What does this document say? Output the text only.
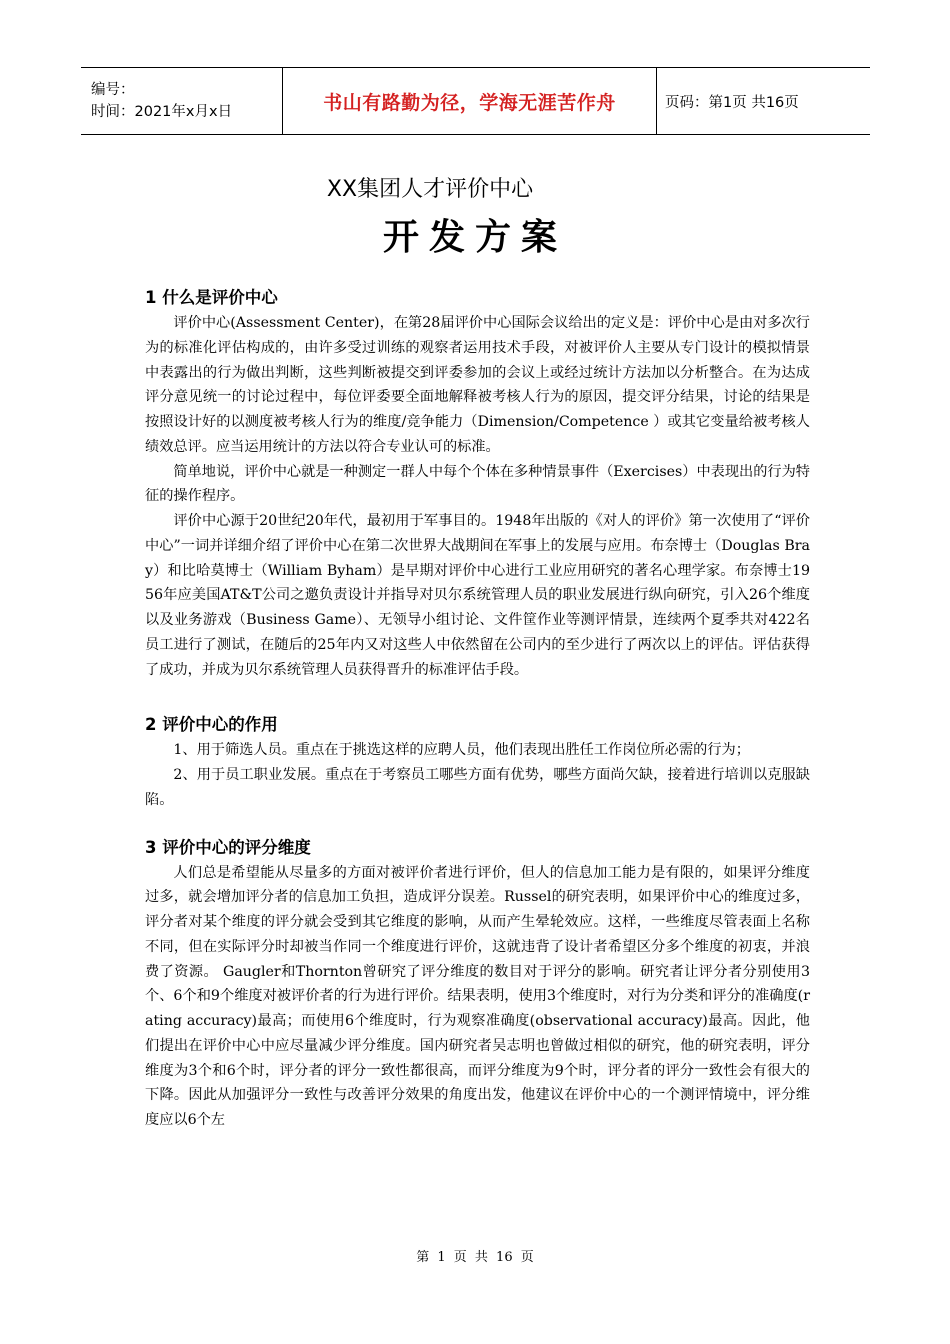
编号：
时间：2021年x月x日	书山有路勤为径，学海无涯苦作舟	页码：第1页 共16页
XX集团人才评价中心
开发方案
1 什么是评价中心

评价中心(Assessment Center)，在第28届评价中心国际会议给出的定义是：评价中心是由对多次行为的标准化评估构成的，由许多受过训练的观察者运用技术手段，对被评价人主要从专门设计的模拟情景中表露出的行为做出判断，这些判断被提交到评委参加的会议上或经过统计方法加以分析整合。在为达成评分意见统一的讨论过程中，每位评委要全面地解释被考核人行为的原因，提交评分结果，讨论的结果是按照设计好的以测度被考核人行为的维度/竞争能力（Dimension/Competence ）或其它变量给被考核人绩效总评。应当运用统计的方法以符合专业认可的标准。

简单地说，评价中心就是一种测定一群人中每个个体在多种情景事件（Exercises）中表现出的行为特征的操作程序。

评价中心源于20世纪20年代，最初用于军事目的。1948年出版的《对人的评价》第一次使用了“评价中心”一词并详细介绍了评价中心在第二次世界大战期间在军事上的发展与应用。布奈博士（Douglas Bray）和比哈莫博士（William Byham）是早期对评价中心进行工业应用研究的著名心理学家。布奈博士1956年应美国AT&T公司之邀负责设计并指导对贝尔系统管理人员的职业发展进行纵向研究，引入26个维度以及业务游戏（Business Game）、无领导小组讨论、文件筐作业等测评情景，连续两个夏季共对422名员工进行了测试，在随后的25年内又对这些人中依然留在公司内的至少进行了两次以上的评估。评估获得了成功，并成为贝尔系统管理人员获得晋升的标准评估手段。

2 评价中心的作用

1、用于筛选人员。重点在于挑选这样的应聘人员，他们表现出胜任工作岗位所必需的行为；

2、用于员工职业发展。重点在于考察员工哪些方面有优势，哪些方面尚欠缺，接着进行培训以克服缺陷。

3 评价中心的评分维度

人们总是希望能从尽量多的方面对被评价者进行评价，但人的信息加工能力是有限的，如果评分维度过多，就会增加评分者的信息加工负担，造成评分误差。Russel的研究表明，如果评价中心的维度过多，评分者对某个维度的评分就会受到其它维度的影响，从而产生晕轮效应。这样，一些维度尽管表面上名称不同，但在实际评分时却被当作同一个维度进行评价，这就违背了设计者希望区分多个维度的初衷，并浪费了资源。 Gaugler和Thornton曾研究了评分维度的数目对于评分的影响。研究者让评分者分别使用3个、6个和9个维度对被评价者的行为进行评价。结果表明，使用3个维度时，对行为分类和评分的准确度(rating accuracy)最高；而使用6个维度时，行为观察准确度(observational accuracy)最高。因此，他们提出在评价中心中应尽量减少评分维度。国内研究者吴志明也曾做过相似的研究，他的研究表明，评分维度为3个和6个时，评分者的评分一致性都很高，而评分维度为9个时，评分者的评分一致性会有很大的下降。因此从加强评分一致性与改善评分效果的角度出发，他建议在评价中心的一个测评情境中，评分维度应以6个左

第 1 页 共 16 页
